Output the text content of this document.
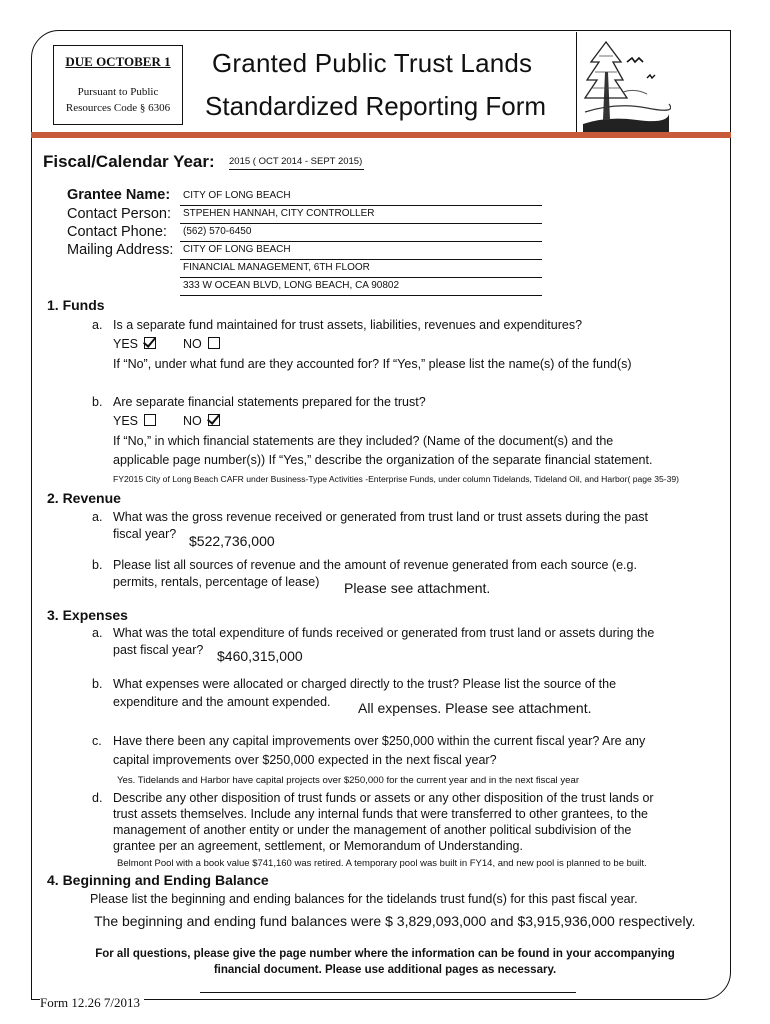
DUE OCTOBER 1
Pursuant to Public Resources Code § 6306
Granted Public Trust Lands
Standardized Reporting Form
Fiscal/Calendar Year: 2015 ( OCT 2014 - SEPT 2015)
Grantee Name:	CITY OF LONG BEACH
Contact Person:	STPEHEN HANNAH, CITY CONTROLLER
Contact Phone:	(562) 570-6450
Mailing Address: CITY OF LONG BEACH
FINANCIAL MANAGEMENT, 6TH FLOOR
333 W OCEAN BLVD, LONG BEACH, CA 90802
1. Funds
a. Is a separate fund maintained for trust assets, liabilities, revenues and expenditures?
YES	NO
If “No”, under what fund are they accounted for? If “Yes,” please list the name(s) of the fund(s)
b. Are separate financial statements prepared for the trust?
YES	NO
If “No,” in which financial statements are they included? (Name of the document(s) and the
applicable page number(s)) If “Yes,” describe the organization of the separate financial statement.
FY2015 City of Long Beach CAFR under Business-Type Activities -Enterprise Funds, under column Tidelands, Tideland Oil, and Harbor( page 35-39)
2. Revenue
a. What was the gross revenue received or generated from trust land or trust assets during the past
fiscal year? $522,736,000
b. Please list all sources of revenue and the amount of revenue generated from each source (e.g.
permits, rentals, percentage of lease) Please see attachment.
3. Expenses
a. What was the total expenditure of funds received or generated from trust land or assets during the
past fiscal year? $460,315,000
b. What expenses were allocated or charged directly to the trust? Please list the source of the
expenditure and the amount expended. All expenses. Please see attachment.
c. Have there been any capital improvements over $250,000 within the current fiscal year? Are any
capital improvements over $250,000 expected in the next fiscal year?
Yes. Tidelands and Harbor have capital projects over $250,000 for the current year and in the next fiscal year
d. Describe any other disposition of trust funds or assets or any other disposition of the trust lands or
trust assets themselves. Include any internal funds that were transferred to other grantees, to the
management of another entity or under the management of another political subdivision of the
grantee per an agreement, settlement, or Memorandum of Understanding.
Belmont Pool with a book value $741,160 was retired. A temporary pool was built in FY14, and new pool is planned to be built.
4. Beginning and Ending Balance
Please list the beginning and ending balances for the tidelands trust fund(s) for this past fiscal year.
The beginning and ending fund balances were $ 3,829,093,000 and $3,915,936,000 respectively.
For all questions, please give the page number where the information can be found in your accompanying
financial document. Please use additional pages as necessary.
Form 12.26 7/2013
